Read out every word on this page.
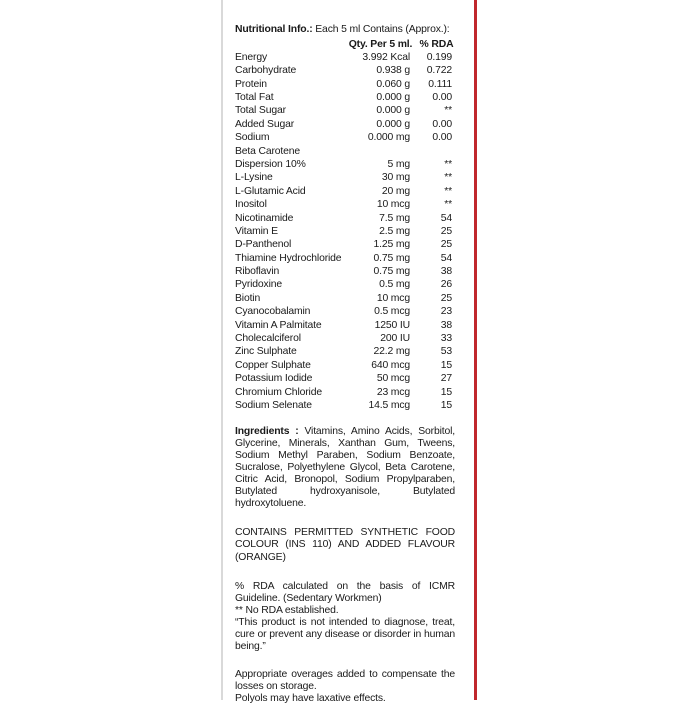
Nutritional Info.:
Each 5 ml Contains (Approx.):
Qty. Per 5 ml. % RDA
Energy	3.992 Kcal	0.199
Carbohydrate	0.938 g	0.722
Protein	0.060 g	0.111
Total Fat	0.000 g	0.00
Total Sugar	0.000 g	**
Added Sugar	0.000 g	0.00
Sodium	0.000 mg	0.00
Beta Carotene
Dispersion 10%	5 mg	**
L-Lysine	30 mg	**
L-Glutamic Acid	20 mg	**
Inositol	10 mcg	**
Nicotinamide	7.5 mg	54
Vitamin E	2.5 mg	25
D-Panthenol	1.25 mg	25
Thiamine Hydrochloride	0.75 mg	54
Riboflavin	0.75 mg	38
Pyridoxine	0.5 mg	26
Biotin	10 mcg	25
Cyanocobalamin	0.5 mcg	23
Vitamin A Palmitate	1250 IU	38
Cholecalciferol	200 IU	33
Zinc Sulphate	22.2 mg	53
Copper Sulphate	640 mcg	15
Potassium Iodide	50 mcg	27
Chromium Chloride	23 mcg	15
Sodium Selenate	14.5 mcg	15
Ingredients : Vitamins, Amino Acids, Sorbitol, Glycerine, Minerals, Xanthan Gum, Tweens, Sodium Methyl Paraben, Sodium Benzoate, Sucralose, Polyethylene Glycol, Beta Carotene, Citric Acid, Bronopol, Sodium Propylparaben, Butylated hydroxyanisole, Butylated hydroxytoluene.
CONTAINS PERMITTED SYNTHETIC FOOD COLOUR (INS 110) AND ADDED FLAVOUR (ORANGE)

% RDA calculated on the basis of ICMR Guideline. (Sedentary Workmen)

** No RDA established.

“This product is not intended to diagnose, treat, cure or prevent any disease or disorder in human being.”

Appropriate overages added to compensate the losses on storage.

Polyols may have laxative effects.
